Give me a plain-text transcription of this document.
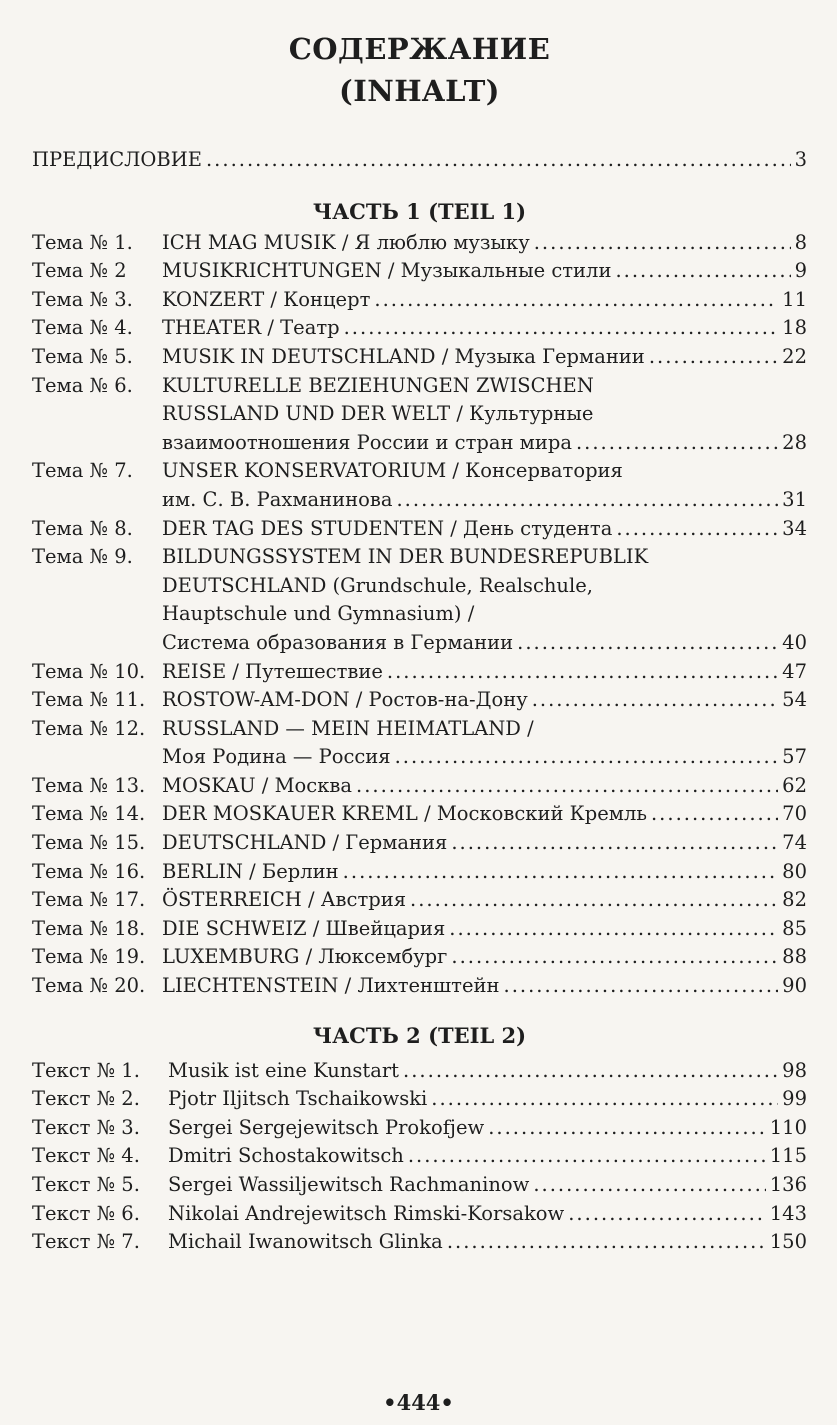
СОДЕРЖАНИЕ
(INHALT)
ПРЕДИСЛОВИЕ .....	3
ЧАСТЬ 1 (TEIL 1)
Тема № 1.	ICH MAG MUSIK / Я люблю музыку .....	8
Тема № 2	MUSIKRICHTUNGEN / Музыкальные стили .....	9
Тема № 3.	KONZERT / Концерт .....	11
Тема № 4.	THEATER / Театр .....	18
Тема № 5.	MUSIK IN DEUTSCHLAND / Музыка Германии .....	22
Тема № 6.	KULTURELLE BEZIEHUNGEN ZWISCHEN
RUSSLAND UND DER WELT / Культурные
взаимоотношения России и стран мира .....	28
Тема № 7.	UNSER KONSERVATORIUM / Консерватория
им. С. В. Рахманинова .....	31
Тема № 8.	DER TAG DES STUDENTEN / День студента .....	34
Тема № 9.	BILDUNGSSYSTEM IN DER BUNDESREPUBLIK
DEUTSCHLAND (Grundschule, Realschule,
Hauptschule und Gymnasium) /
Система образования в Германии .....	40
Тема № 10. REISE / Путешествие .....	47
Тема № 11. ROSTOW-AM-DON / Ростов-на-Дону .....	54
Тема № 12. RUSSLAND — MEIN HEIMATLAND /
Моя Родина — Россия .....	57
Тема № 13. MOSKAU / Москва .....	62
Тема № 14. DER MOSKAUER KREML / Московский Кремль .....	70
Тема № 15. DEUTSCHLAND / Германия .....	74
Тема № 16. BERLIN / Берлин .....	80
Тема № 17. ÖSTERREICH / Австрия .....	82
Тема № 18. DIE SCHWEIZ / Швейцария .....	85
Тема № 19. LUXEMBURG / Люксембург .....	88
Тема № 20. LIECHTENSTEIN / Лихтенштейн .....	90
ЧАСТЬ 2 (TEIL 2)
Текст № 1.	Musik ist eine Kunstart .....	98
Текст № 2.	Pjotr Iljitsch Tschaikowski .....	99
Текст № 3.	Sergei Sergejewitsch Prokofjew .....	110
Текст № 4.	Dmitri Schostakowitsch .....	115
Текст № 5.	Sergei Wassiljewitsch Rachmaninow .....	136
Текст № 6.	Nikolai Andrejewitsch Rimski-Korsakow .....	143
Текст № 7.	Michail Iwanowitsch Glinka .....	150
•444•
